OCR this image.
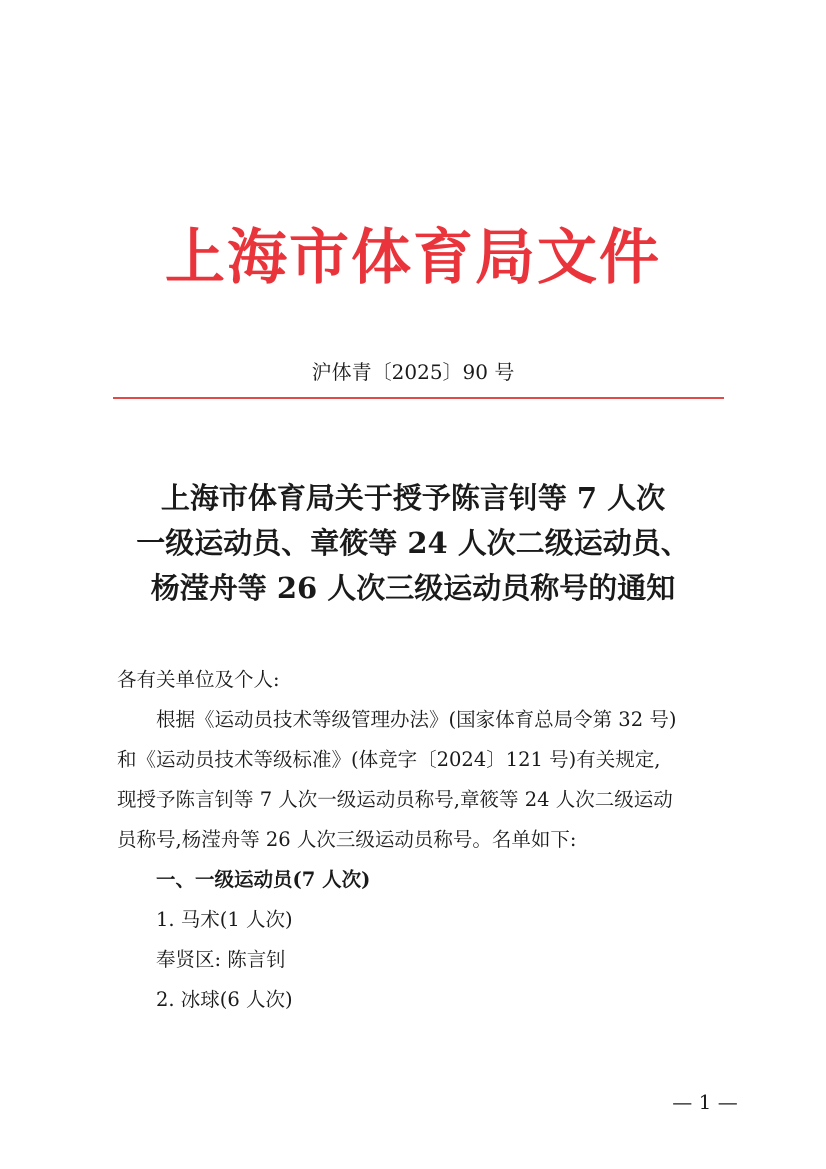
上海市体育局文件
沪体青〔2025〕90 号
上海市体育局关于授予陈言钊等 7 人次
一级运动员、章筱等 24 人次二级运动员、
杨滢舟等 26 人次三级运动员称号的通知

各有关单位及个人:

根据《运动员技术等级管理办法》(国家体育总局令第 32 号)
和《运动员技术等级标准》(体竞字〔2024〕121 号)有关规定,
现授予陈言钊等 7 人次一级运动员称号,章筱等 24 人次二级运动
员称号,杨滢舟等 26 人次三级运动员称号。名单如下:

一、一级运动员(7 人次)

1. 马术(1 人次)

奉贤区: 陈言钊

2. 冰球(6 人次)

— 1 —
